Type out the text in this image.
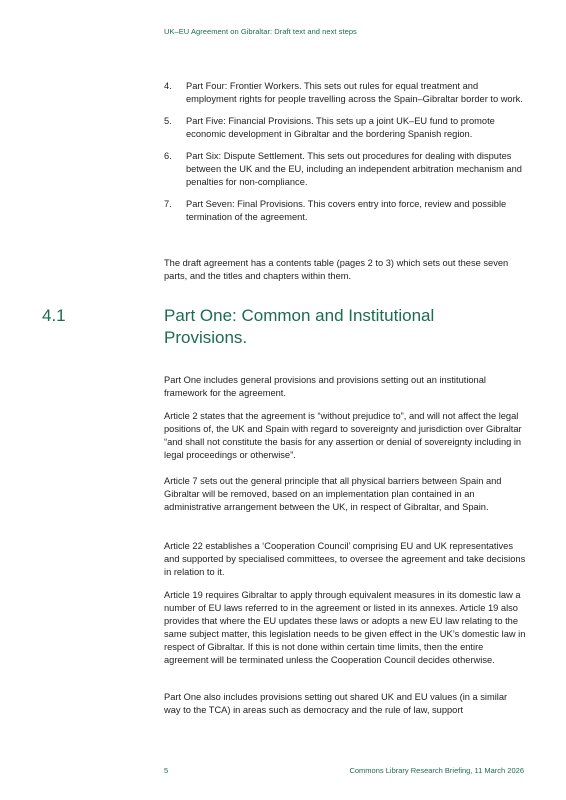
UK–EU Agreement on Gibraltar: Draft text and next steps
4.	Part Four: Frontier Workers. This sets out rules for equal treatment and employment rights for people travelling across the Spain–Gibraltar border to work.
5.	Part Five: Financial Provisions. This sets up a joint UK–EU fund to promote economic development in Gibraltar and the bordering Spanish region.
6.	Part Six: Dispute Settlement. This sets out procedures for dealing with disputes between the UK and the EU, including an independent arbitration mechanism and penalties for non-compliance.
7.	Part Seven: Final Provisions. This covers entry into force, review and possible termination of the agreement.

The draft agreement has a contents table (pages 2 to 3) which sets out these seven parts, and the titles and chapters within them.

4.1	Part One: Common and Institutional Provisions.

Part One includes general provisions and provisions setting out an institutional framework for the agreement.

Article 2 states that the agreement is “without prejudice to”, and will not affect the legal positions of, the UK and Spain with regard to sovereignty and jurisdiction over Gibraltar “and shall not constitute the basis for any assertion or denial of sovereignty including in legal proceedings or otherwise”.

Article 7 sets out the general principle that all physical barriers between Spain and Gibraltar will be removed, based on an implementation plan contained in an administrative arrangement between the UK, in respect of Gibraltar, and Spain.

Article 22 establishes a ‘Cooperation Council’ comprising EU and UK representatives and supported by specialised committees, to oversee the agreement and take decisions in relation to it.

Article 19 requires Gibraltar to apply through equivalent measures in its domestic law a number of EU laws referred to in the agreement or listed in its annexes. Article 19 also provides that where the EU updates these laws or adopts a new EU law relating to the same subject matter, this legislation needs to be given effect in the UK’s domestic law in respect of Gibraltar. If this is not done within certain time limits, then the entire agreement will be terminated unless the Cooperation Council decides otherwise.

Part One also includes provisions setting out shared UK and EU values (in a similar way to the TCA) in areas such as democracy and the rule of law, support

5	Commons Library Research Briefing, 11 March 2026
